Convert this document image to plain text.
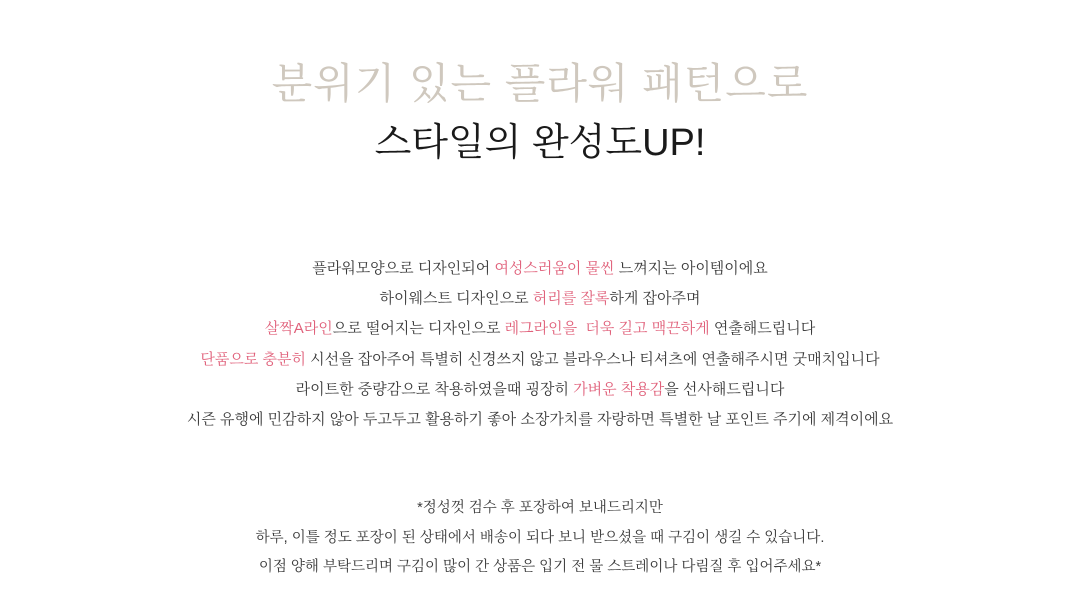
분위기 있는 플라워 패턴으로
스타일의 완성도UP!
플라워모양으로 디자인되어 여성스러움이 물씬 느껴지는 아이템이에요
하이웨스트 디자인으로 허리를 잘록하게 잡아주며
살짝A라인으로 떨어지는 디자인으로 레그라인을  더욱 길고 맥끈하게 연출해드립니다
단품으로 충분히 시선을 잡아주어 특별히 신경쓰지 않고 블라우스나 티셔츠에 연출해주시면 굿매치입니다
라이트한 중량감으로 착용하였을때 굉장히 가벼운 착용감을 선사해드립니다
시즌 유행에 민감하지 않아 두고두고 활용하기 좋아 소장가치를 자랑하면 특별한 날 포인트 주기에 제격이에요
*정성껏 검수 후 포장하여 보내드리지만
하루, 이틀 정도 포장이 된 상태에서 배송이 되다 보니 받으셨을 때 구김이 생길 수 있습니다.
이점 양해 부탁드리며 구김이 많이 간 상품은 입기 전 물 스트레이나 다림질 후 입어주세요*
